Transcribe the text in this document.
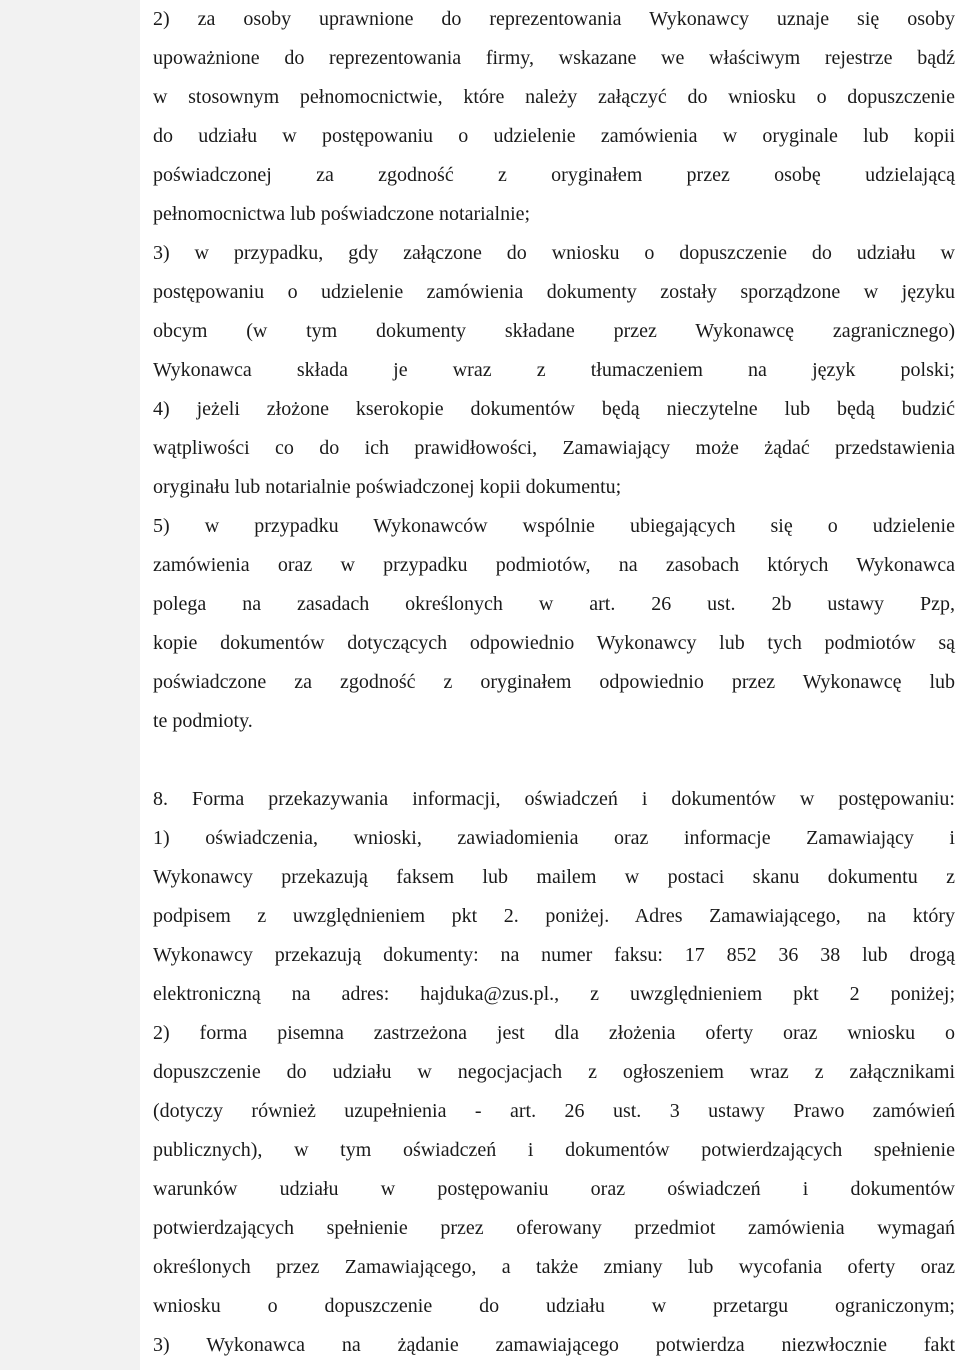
2) za osoby uprawnione do reprezentowania Wykonawcy uznaje się osoby
upoważnione do reprezentowania firmy, wskazane we właściwym rejestrze bądź
w stosownym pełnomocnictwie, które należy załączyć do wniosku o dopuszczenie
do udziału w postępowaniu o udzielenie zamówienia w oryginale lub kopii
poświadczonej za zgodność z oryginałem przez osobę udzielającą
pełnomocnictwa lub poświadczone notarialnie;
3) w przypadku, gdy załączone do wniosku o dopuszczenie do udziału w
postępowaniu o udzielenie zamówienia dokumenty zostały sporządzone w języku
obcym (w tym dokumenty składane przez Wykonawcę zagranicznego)
Wykonawca składa je wraz z tłumaczeniem na język polski;
4) jeżeli złożone kserokopie dokumentów będą nieczytelne lub będą budzić
wątpliwości co do ich prawidłowości, Zamawiający może żądać przedstawienia
oryginału lub notarialnie poświadczonej kopii dokumentu;
5) w przypadku Wykonawców wspólnie ubiegających się o udzielenie
zamówienia oraz w przypadku podmiotów, na zasobach których Wykonawca
polega na zasadach określonych w art. 26 ust. 2b ustawy Pzp,
kopie dokumentów dotyczących odpowiednio Wykonawcy lub tych podmiotów są
poświadczone za zgodność z oryginałem odpowiednio przez Wykonawcę lub
te podmioty.
8. Forma przekazywania informacji, oświadczeń i dokumentów w postępowaniu:
1) oświadczenia, wnioski, zawiadomienia oraz informacje Zamawiający i
Wykonawcy przekazują faksem lub mailem w postaci skanu dokumentu z
podpisem z uwzględnieniem pkt 2. poniżej. Adres Zamawiającego, na który
Wykonawcy przekazują dokumenty: na numer faksu: 17 852 36 38 lub drogą
elektroniczną na adres: hajduka@zus.pl., z uwzględnieniem pkt 2 poniżej;
2) forma pisemna zastrzeżona jest dla złożenia oferty oraz wniosku o
dopuszczenie do udziału w negocjacjach z ogłoszeniem wraz z załącznikami
(dotyczy również uzupełnienia - art. 26 ust. 3 ustawy Prawo zamówień
publicznych), w tym oświadczeń i dokumentów potwierdzających spełnienie
warunków udziału w postępowaniu oraz oświadczeń i dokumentów
potwierdzających spełnienie przez oferowany przedmiot zamówienia wymagań
określonych przez Zamawiającego, a także zmiany lub wycofania oferty oraz
wniosku o dopuszczenie do udziału w przetargu ograniczonym;
3) Wykonawca na żądanie zamawiającego potwierdza niezwłocznie fakt
